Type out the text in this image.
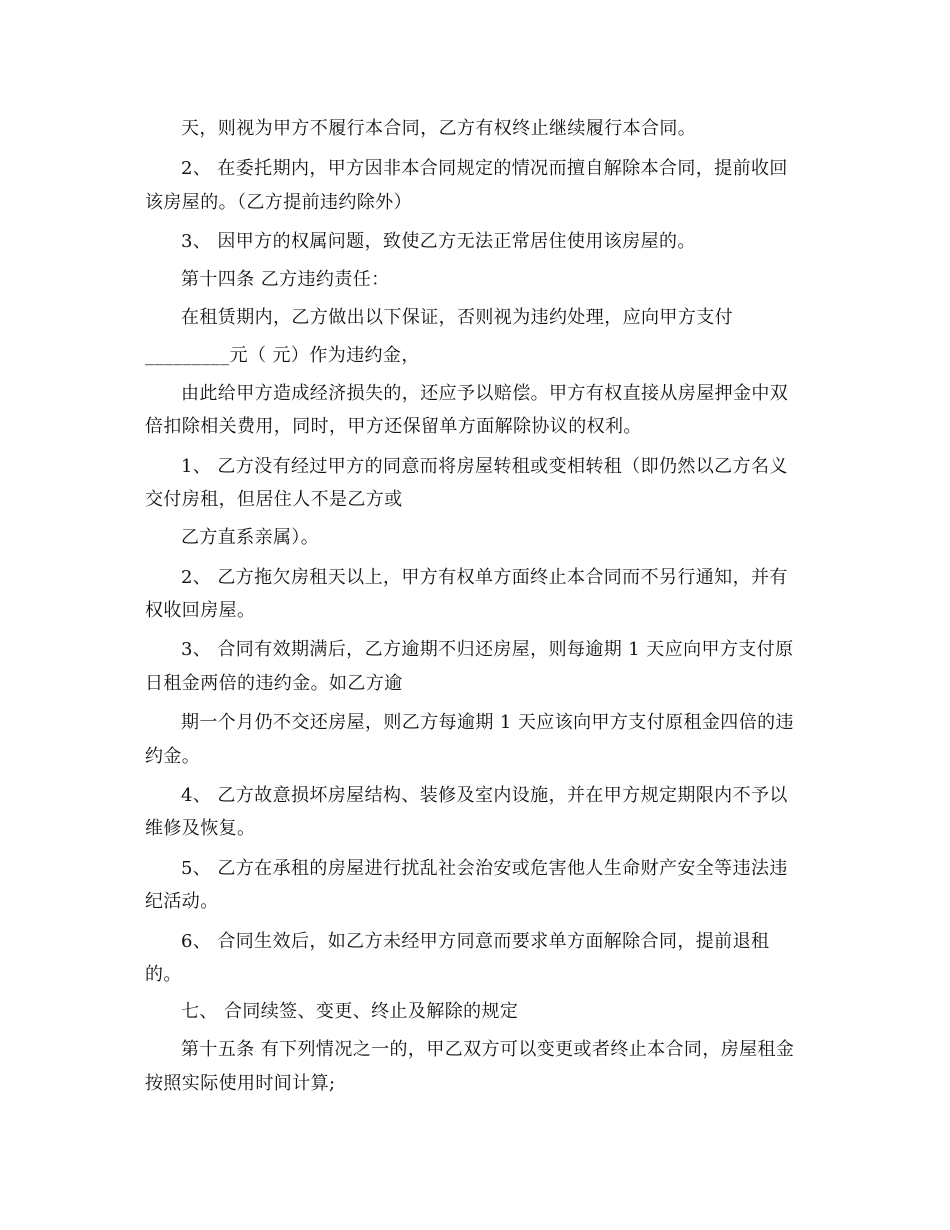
天，则视为甲方不履行本合同，乙方有权终止继续履行本合同。
2、 在委托期内，甲方因非本合同规定的情况而擅自解除本合同，提前收回
该房屋的。（乙方提前违约除外）
3、 因甲方的权属问题，致使乙方无法正常居住使用该房屋的。
第十四条 乙方违约责任：
在租赁期内，乙方做出以下保证，否则视为违约处理，应向甲方支付
_________元（ 元）作为违约金，
由此给甲方造成经济损失的，还应予以赔偿。甲方有权直接从房屋押金中双
倍扣除相关费用，同时，甲方还保留单方面解除协议的权利。
1、 乙方没有经过甲方的同意而将房屋转租或变相转租（即仍然以乙方名义
交付房租，但居住人不是乙方或
乙方直系亲属）。
2、 乙方拖欠房租天以上，甲方有权单方面终止本合同而不另行通知，并有
权收回房屋。
3、 合同有效期满后，乙方逾期不归还房屋，则每逾期 1 天应向甲方支付原
日租金两倍的违约金。如乙方逾
期一个月仍不交还房屋，则乙方每逾期 1 天应该向甲方支付原租金四倍的违
约金。
4、 乙方故意损坏房屋结构、装修及室内设施，并在甲方规定期限内不予以
维修及恢复。
5、 乙方在承租的房屋进行扰乱社会治安或危害他人生命财产安全等违法违
纪活动。
6、 合同生效后，如乙方未经甲方同意而要求单方面解除合同，提前退租
的。
七、 合同续签、变更、终止及解除的规定
第十五条 有下列情况之一的，甲乙双方可以变更或者终止本合同，房屋租金
按照实际使用时间计算;
